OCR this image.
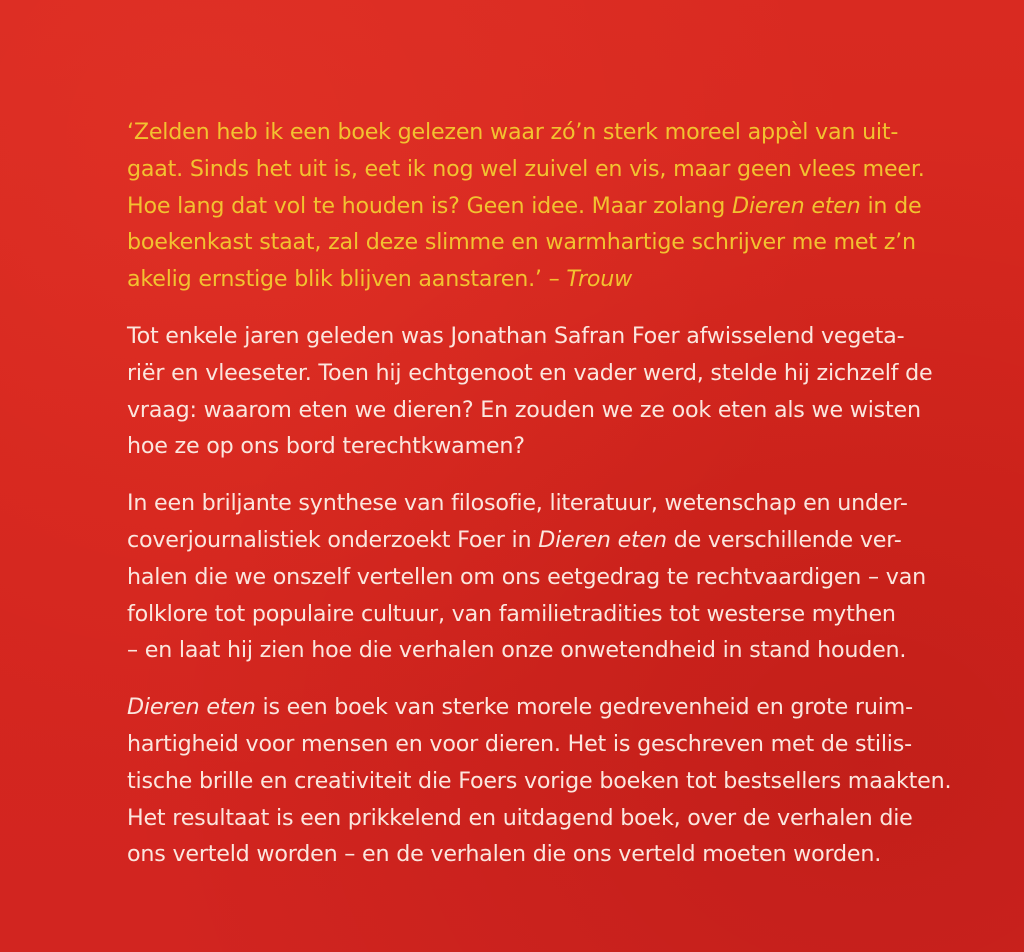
‘Zelden heb ik een boek gelezen waar zó’n sterk moreel appèl van uit-
gaat. Sinds het uit is, eet ik nog wel zuivel en vis, maar geen vlees meer.
Hoe lang dat vol te houden is? Geen idee. Maar zolang Dieren eten in de
boekenkast staat, zal deze slimme en warmhartige schrijver me met z’n
akelig ernstige blik blijven aanstaren.’ – Trouw

Tot enkele jaren geleden was Jonathan Safran Foer afwisselend vegeta-
riër en vleeseter. Toen hij echtgenoot en vader werd, stelde hij zichzelf de
vraag: waarom eten we dieren? En zouden we ze ook eten als we wisten
hoe ze op ons bord terechtkwamen?

In een briljante synthese van filosofie, literatuur, wetenschap en under-
coverjournalistiek onderzoekt Foer in Dieren eten de verschillende ver-
halen die we onszelf vertellen om ons eetgedrag te rechtvaardigen – van
folklore tot populaire cultuur, van familietradities tot westerse mythen
– en laat hij zien hoe die verhalen onze onwetendheid in stand houden.

Dieren eten is een boek van sterke morele gedrevenheid en grote ruim-
hartigheid voor mensen en voor dieren. Het is geschreven met de stilis-
tische brille en creativiteit die Foers vorige boeken tot bestsellers maakten.
Het resultaat is een prikkelend en uitdagend boek, over de verhalen die
ons verteld worden – en de verhalen die ons verteld moeten worden.
